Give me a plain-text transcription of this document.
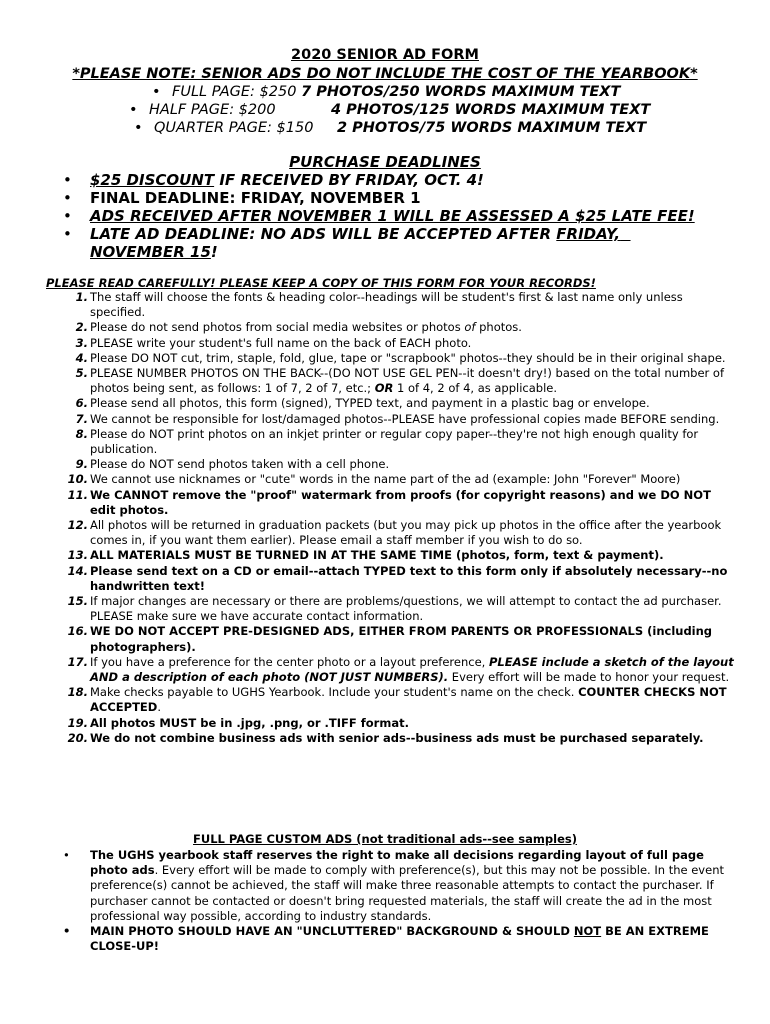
2020 SENIOR AD FORM
*PLEASE NOTE: SENIOR ADS DO NOT INCLUDE THE COST OF THE YEARBOOK*
• FULL PAGE: $250 7 PHOTOS/250 WORDS MAXIMUM TEXT
• HALF PAGE: $200	4 PHOTOS/125 WORDS MAXIMUM TEXT
• QUARTER PAGE: $150 2 PHOTOS/75 WORDS MAXIMUM TEXT
PURCHASE DEADLINES
• $25 DISCOUNT IF RECEIVED BY FRIDAY, OCT. 4!
• FINAL DEADLINE: FRIDAY, NOVEMBER 1
• ADS RECEIVED AFTER NOVEMBER 1 WILL BE ASSESSED A $25 LATE FEE!
• LATE AD DEADLINE: NO ADS WILL BE ACCEPTED AFTER FRIDAY,
NOVEMBER 15!
PLEASE READ CAREFULLY! PLEASE KEEP A COPY OF THIS FORM FOR YOUR RECORDS!
1. The staff will choose the fonts & heading color--headings will be student's first & last name only unless specified.
2. Please do not send photos from social media websites or photos of photos.
3. PLEASE write your student's full name on the back of EACH photo.
4. Please DO NOT cut, trim, staple, fold, glue, tape or "scrapbook" photos--they should be in their original shape.
5. PLEASE NUMBER PHOTOS ON THE BACK--(DO NOT USE GEL PEN--it doesn't dry!) based on the total number of photos being sent, as follows: 1 of 7, 2 of 7, etc.; OR 1 of 4, 2 of 4, as applicable.
6. Please send all photos, this form (signed), TYPED text, and payment in a plastic bag or envelope.
7. We cannot be responsible for lost/damaged photos--PLEASE have professional copies made BEFORE sending.
8. Please do NOT print photos on an inkjet printer or regular copy paper--they're not high enough quality for publication.
9. Please do NOT send photos taken with a cell phone.
10. We cannot use nicknames or "cute" words in the name part of the ad (example: John "Forever" Moore)
11. We CANNOT remove the "proof" watermark from proofs (for copyright reasons) and we DO NOT edit photos.
12. All photos will be returned in graduation packets (but you may pick up photos in the office after the yearbook comes in, if you want them earlier). Please email a staff member if you wish to do so.
13. ALL MATERIALS MUST BE TURNED IN AT THE SAME TIME (photos, form, text & payment).
14. Please send text on a CD or email--attach TYPED text to this form only if absolutely necessary--no handwritten text!
15. If major changes are necessary or there are problems/questions, we will attempt to contact the ad purchaser. PLEASE make sure we have accurate contact information.
16. WE DO NOT ACCEPT PRE-DESIGNED ADS, EITHER FROM PARENTS OR PROFESSIONALS (including photographers).
17. If you have a preference for the center photo or a layout preference, PLEASE include a sketch of the layout AND a description of each photo (NOT JUST NUMBERS). Every effort will be made to honor your request.
18. Make checks payable to UGHS Yearbook. Include your student's name on the check. COUNTER CHECKS NOT ACCEPTED.
19. All photos MUST be in .jpg, .png, or .TIFF format.
20. We do not combine business ads with senior ads--business ads must be purchased separately.
FULL PAGE CUSTOM ADS (not traditional ads--see samples)
• The UGHS yearbook staff reserves the right to make all decisions regarding layout of full page photo ads. Every effort will be made to comply with preference(s), but this may not be possible. In the event preference(s) cannot be achieved, the staff will make three reasonable attempts to contact the purchaser. If purchaser cannot be contacted or doesn't bring requested materials, the staff will create the ad in the most professional way possible, according to industry standards.
• MAIN PHOTO SHOULD HAVE AN "UNCLUTTERED" BACKGROUND & SHOULD NOT BE AN EXTREME CLOSE-UP!
